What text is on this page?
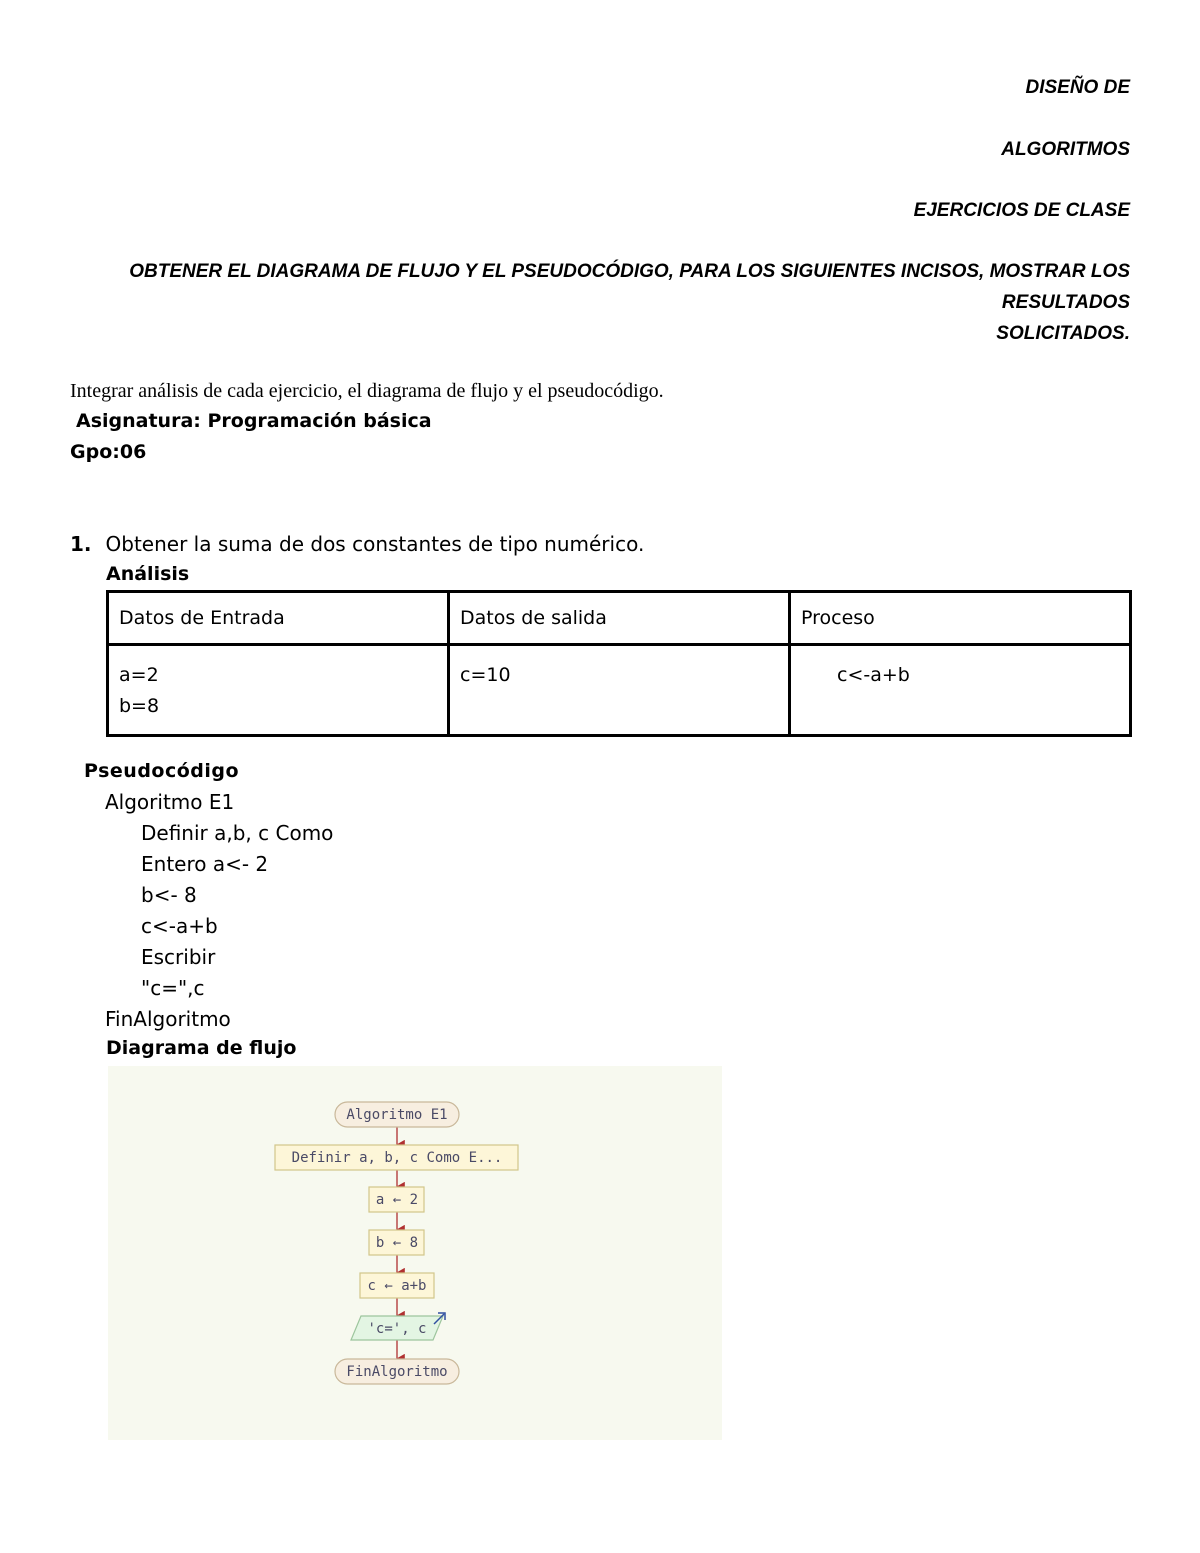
DISEÑO DE
ALGORITMOS
EJERCICIOS DE CLASE
OBTENER EL DIAGRAMA DE FLUJO Y EL PSEUDOCÓDIGO, PARA LOS SIGUIENTES INCISOS, MOSTRAR LOS
RESULTADOS
SOLICITADOS.
Integrar análisis de cada ejercicio, el diagrama de flujo y el pseudocódigo.
Asignatura: Programación básica
Gpo:06
1. Obtener la suma de dos constantes de tipo numérico.
Análisis
Datos de Entrada	Datos de salida	Proceso

a=2
b=8	c=10	c<-a+b
Pseudocódigo
Algoritmo E1
Definir a,b, c Como
Entero a<- 2
b<- 8
c<-a+b
Escribir
"c=",c
FinAlgoritmo
Diagrama de flujo
Algoritmo E1
Definir a, b, c Como E...
a ← 2
b ← 8
c ← a+b
'c=', c
FinAlgoritmo
